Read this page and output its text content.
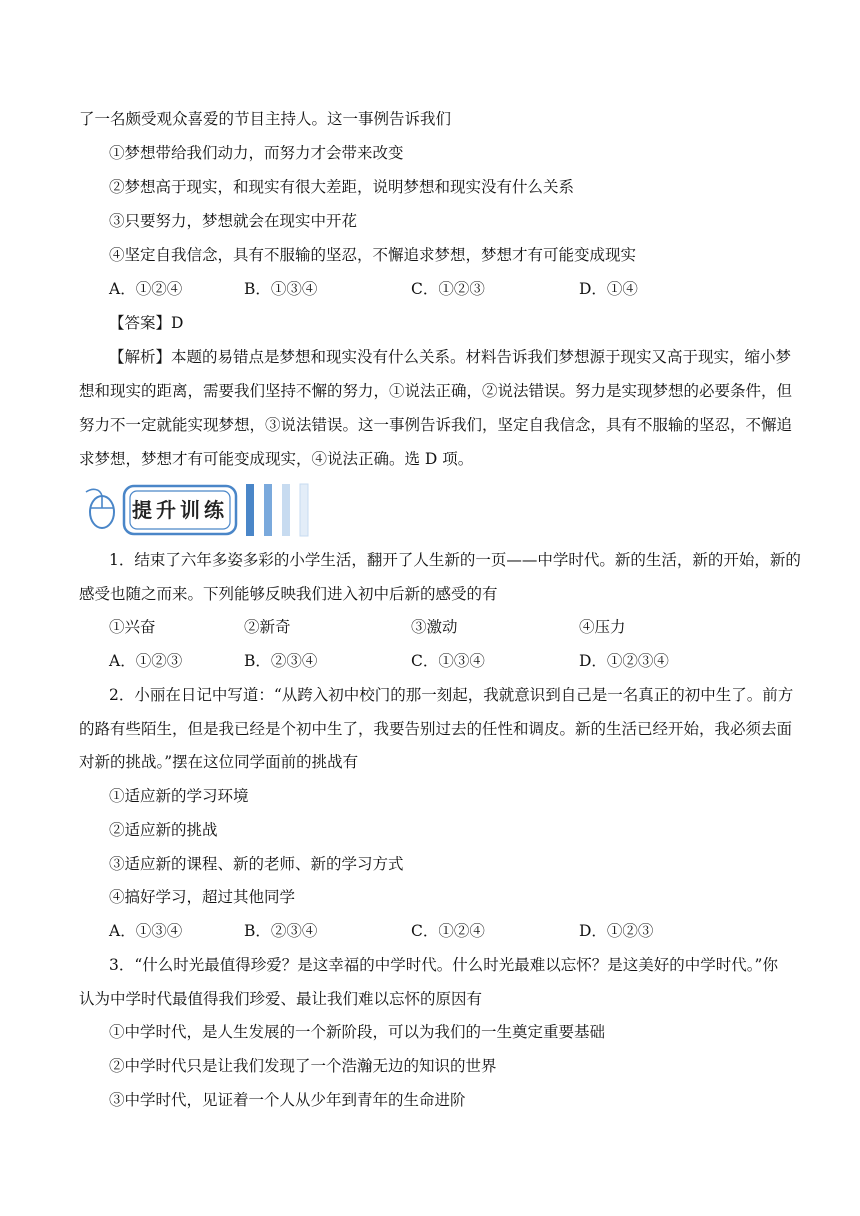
了一名颇受观众喜爱的节目主持人。这一事例告诉我们
①梦想带给我们动力，而努力才会带来改变
②梦想高于现实，和现实有很大差距，说明梦想和现实没有什么关系
③只要努力，梦想就会在现实中开花
④坚定自我信念，具有不服输的坚忍，不懈追求梦想，梦想才有可能变成现实
A．①②④	B．①③④	C．①②③	D．①④
【答案】D
【解析】本题的易错点是梦想和现实没有什么关系。材料告诉我们梦想源于现实又高于现实，缩小梦
想和现实的距离，需要我们坚持不懈的努力，①说法正确，②说法错误。努力是实现梦想的必要条件，但
努力不一定就能实现梦想，③说法错误。这一事例告诉我们，坚定自我信念，具有不服输的坚忍，不懈追
求梦想，梦想才有可能变成现实，④说法正确。选 D 项。
提升训练
1．结束了六年多姿多彩的小学生活，翻开了人生新的一页——中学时代。新的生活，新的开始，新的
感受也随之而来。下列能够反映我们进入初中后新的感受的有
①兴奋	②新奇	③激动	④压力
A．①②③	B．②③④	C．①③④	D．①②③④
2．小丽在日记中写道：“从跨入初中校门的那一刻起，我就意识到自己是一名真正的初中生了。前方
的路有些陌生，但是我已经是个初中生了，我要告别过去的任性和调皮。新的生活已经开始，我必须去面
对新的挑战。”摆在这位同学面前的挑战有
①适应新的学习环境
②适应新的挑战
③适应新的课程、新的老师、新的学习方式
④搞好学习，超过其他同学
A．①③④	B．②③④	C．①②④	D．①②③
3．“什么时光最值得珍爱？是这幸福的中学时代。什么时光最难以忘怀？是这美好的中学时代。”你
认为中学时代最值得我们珍爱、最让我们难以忘怀的原因有
①中学时代，是人生发展的一个新阶段，可以为我们的一生奠定重要基础
②中学时代只是让我们发现了一个浩瀚无边的知识的世界
③中学时代，见证着一个人从少年到青年的生命进阶
